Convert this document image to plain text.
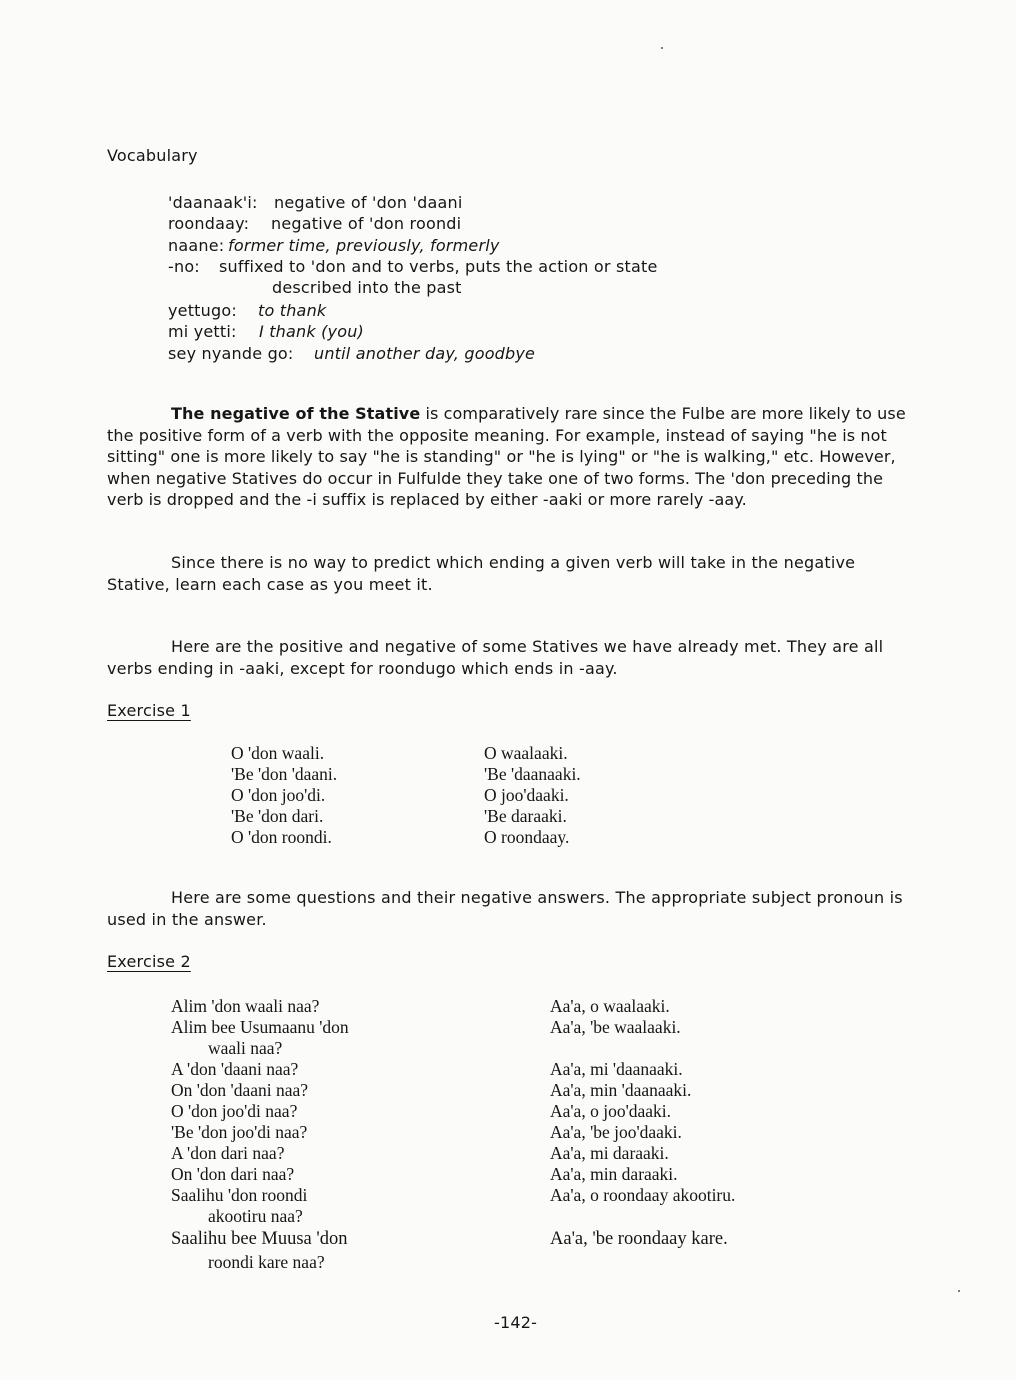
Vocabulary
'daanaak'i: negative of 'don 'daani
roondaay: negative of 'don roondi
naane: former time, previously, formerly
-no: suffixed to 'don and to verbs, puts the action or state
described into the past
yettugo: to thank
mi yetti: I thank (you)
sey nyande go: until another day, goodbye

The negative of the Stative is comparatively rare since the Fulbe are more likely to use the positive form of a verb with the opposite meaning. For example, instead of saying "he is not sitting" one is more likely to say "he is standing" or "he is lying" or "he is walking," etc. However, when negative Statives do occur in Fulfulde they take one of two forms. The 'don preceding the verb is dropped and the -i suffix is replaced by either -aaki or more rarely -aay.

Since there is no way to predict which ending a given verb will take in the negative Stative, learn each case as you meet it.

Here are the positive and negative of some Statives we have already met. They are all verbs ending in -aaki, except for roondugo which ends in -aay.

Exercise 1
O 'don waali.
'Be 'don 'daani.
O 'don joo'di.
'Be 'don dari.
O 'don roondi.
O waalaaki.
'Be 'daanaaki.
O joo'daaki.
'Be daraaki.
O roondaay.

Here are some questions and their negative answers. The appropriate subject pronoun is used in the answer.

Exercise 2
Alim 'don waali naa?
Alim bee Usumaanu 'don
waali naa?
A 'don 'daani naa?
On 'don 'daani naa?
O 'don joo'di naa?
'Be 'don joo'di naa?
A 'don dari naa?
On 'don dari naa?
Saalihu 'don roondi
akootiru naa?
Saalihu bee Muusa 'don
roondi kare naa?
Aa'a, o waalaaki.
Aa'a, 'be waalaaki.
Aa'a, mi 'daanaaki.
Aa'a, min 'daanaaki.
Aa'a, o joo'daaki.
Aa'a, 'be joo'daaki.
Aa'a, mi daraaki.
Aa'a, min daraaki.
Aa'a, o roondaay akootiru.
Aa'a, 'be roondaay kare.
-142-
